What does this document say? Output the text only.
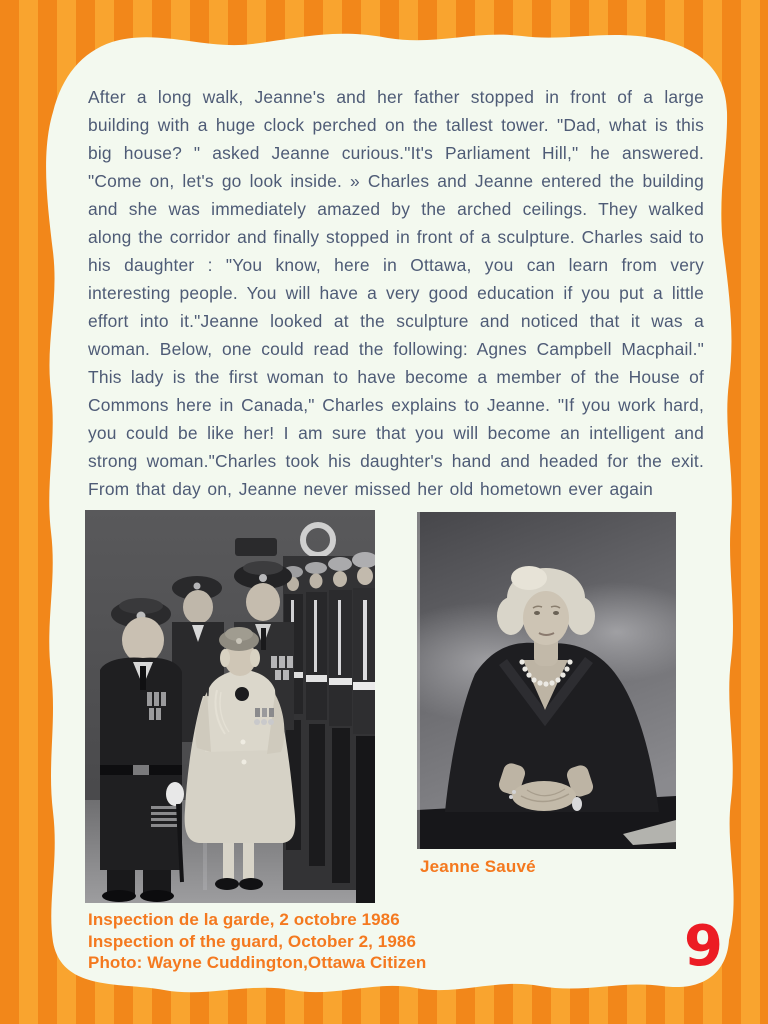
After a long walk, Jeanne's and her father stopped in front of a large building with a huge clock perched on the tallest tower. "Dad, what is this big house? " asked Jeanne curious."It's Parliament Hill," he answered. "Come on, let's go look inside. » Charles and Jeanne entered the building and she was immediately amazed by the arched ceilings. They walked along the corridor and finally stopped in front of a sculpture. Charles said to his daughter : "You know, here in Ottawa, you can learn from very interesting people. You will have a very good education if you put a little effort into it."Jeanne looked at the sculpture and noticed that it was a woman. Below, one could read the following: Agnes Campbell Macphail." This lady is the first woman to have become a member of the House of Commons here in Canada," Charles explains to Jeanne. "If you work hard, you could be like her! I am sure that you will become an intelligent and strong woman."Charles took his daughter's hand and headed for the exit. From that day on, Jeanne never missed her old hometown ever again

Jeanne Sauvé
Inspection de la garde, 2 octobre 1986
Inspection of the guard, October 2, 1986
Photo: Wayne Cuddington,Ottawa Citizen	9
